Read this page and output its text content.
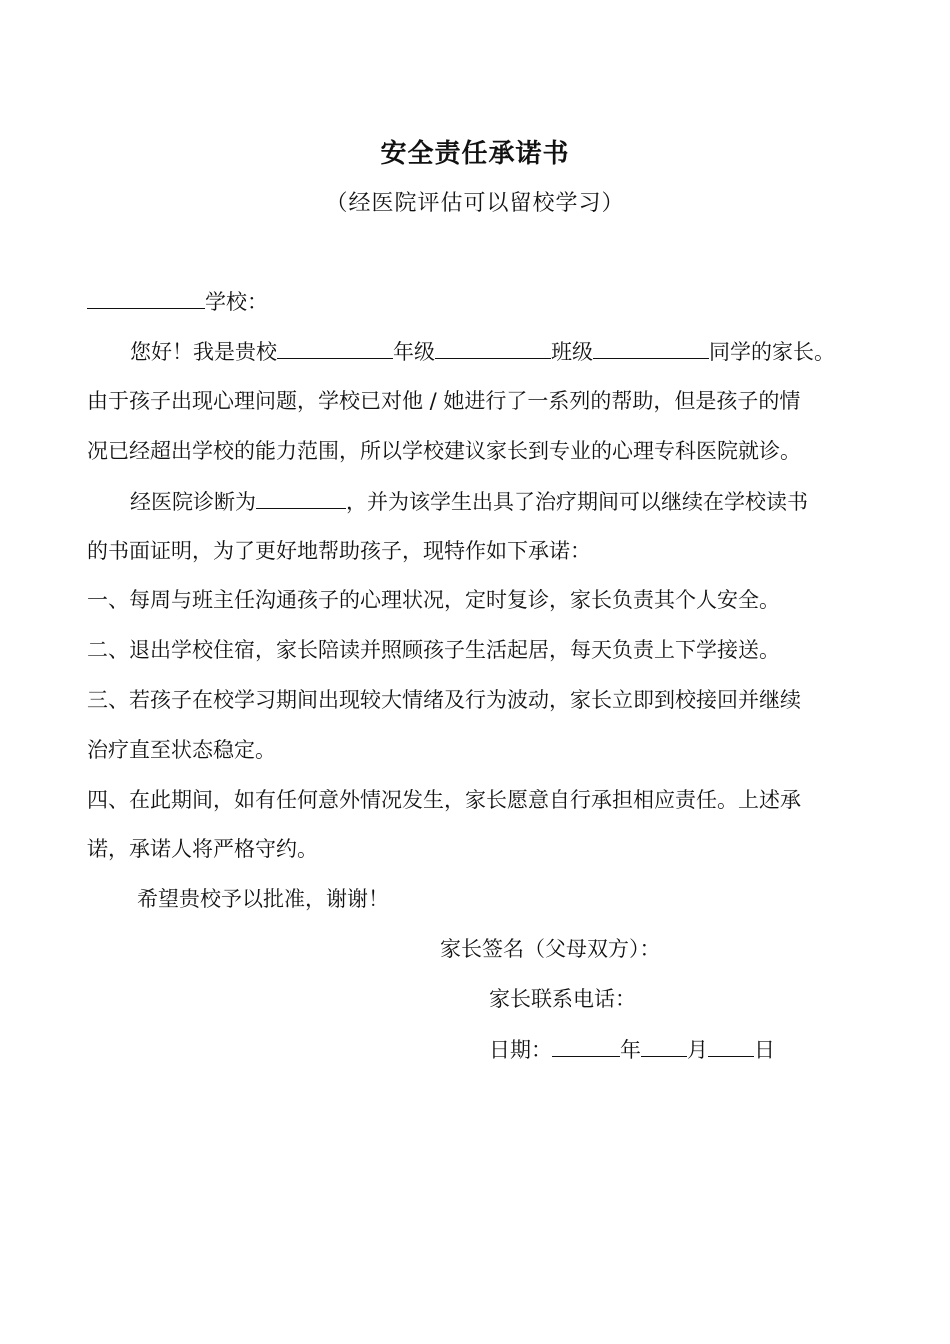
安全责任承诺书
（经医院评估可以留校学习）
学校：
您好！我是贵校	年级	班级	同学的家长。
由于孩子出现心理问题，学校已对他 / 她进行了一系列的帮助，但是孩子的情
况已经超出学校的能力范围，所以学校建议家长到专业的心理专科医院就诊。
经医院诊断为	，并为该学生出具了治疗期间可以继续在学校读书
的书面证明，为了更好地帮助孩子，现特作如下承诺：
一、每周与班主任沟通孩子的心理状况，定时复诊，家长负责其个人安全。
二、退出学校住宿，家长陪读并照顾孩子生活起居，每天负责上下学接送。
三、若孩子在校学习期间出现较大情绪及行为波动，家长立即到校接回并继续
治疗直至状态稳定。
四、在此期间，如有任何意外情况发生，家长愿意自行承担相应责任。上述承
诺，承诺人将严格守约。
希望贵校予以批准，谢谢！
家长签名（父母双方）：
家长联系电话：
日期：	年 月 日
